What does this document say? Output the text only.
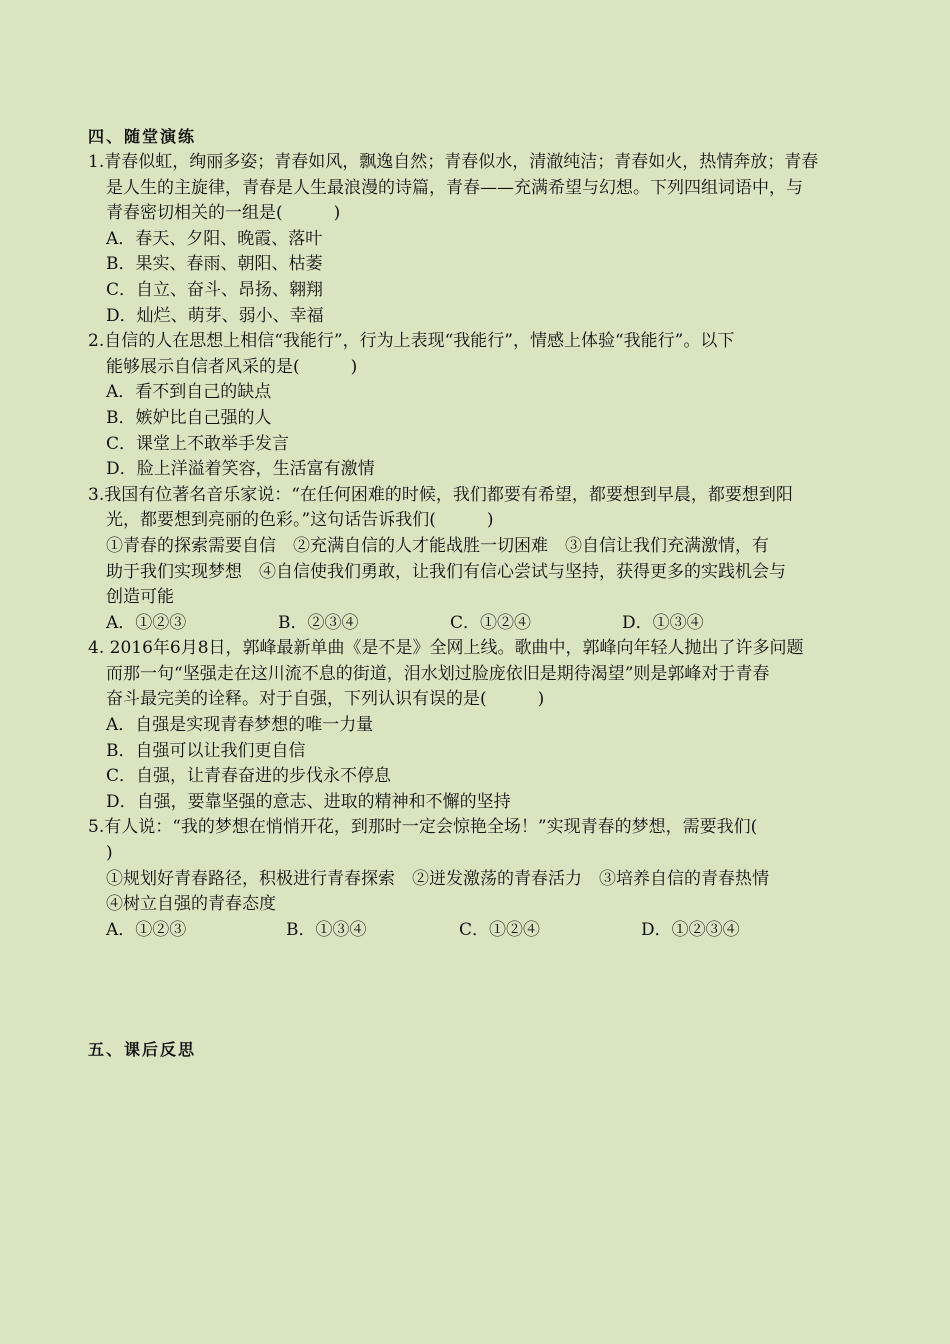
四、随堂演练
1.青春似虹，绚丽多姿；青春如风，飘逸自然；青春似水，清澈纯洁；青春如火，热情奔放；青春
是人生的主旋律，青春是人生最浪漫的诗篇，青春——充满希望与幻想。下列四组词语中，与
青春密切相关的一组是(　　　)
A．春天、夕阳、晚霞、落叶
B．果实、春雨、朝阳、枯萎
C．自立、奋斗、昂扬、翱翔
D．灿烂、萌芽、弱小、幸福
2.自信的人在思想上相信“我能行”，行为上表现“我能行”，情感上体验“我能行”。以下
能够展示自信者风采的是(　　　)
A．看不到自己的缺点
B．嫉妒比自己强的人
C．课堂上不敢举手发言
D．脸上洋溢着笑容，生活富有激情
3.我国有位著名音乐家说：“在任何困难的时候，我们都要有希望，都要想到早晨，都要想到阳
光，都要想到亮丽的色彩。”这句话告诉我们(　　　)
①青春的探索需要自信　②充满自信的人才能战胜一切困难　③自信让我们充满激情，有
助于我们实现梦想　④自信使我们勇敢，让我们有信心尝试与坚持，获得更多的实践机会与
创造可能
A．①②③	B．②③④	C．①②④	D．①③④
4. 2016年6月8日，郭峰最新单曲《是不是》全网上线。歌曲中，郭峰向年轻人抛出了许多问题
而那一句“坚强走在这川流不息的街道，泪水划过脸庞依旧是期待渴望”则是郭峰对于青春
奋斗最完美的诠释。对于自强，下列认识有误的是(　　　)
A．自强是实现青春梦想的唯一力量
B．自强可以让我们更自信
C．自强，让青春奋进的步伐永不停息
D．自强，要靠坚强的意志、进取的精神和不懈的坚持
5.有人说：“我的梦想在悄悄开花，到那时一定会惊艳全场！”实现青春的梦想，需要我们(
)
①规划好青春路径，积极进行青春探索　②迸发激荡的青春活力　③培养自信的青春热情
④树立自强的青春态度
A．①②③	B．①③④	C．①②④	D．①②③④
五、课后反思
